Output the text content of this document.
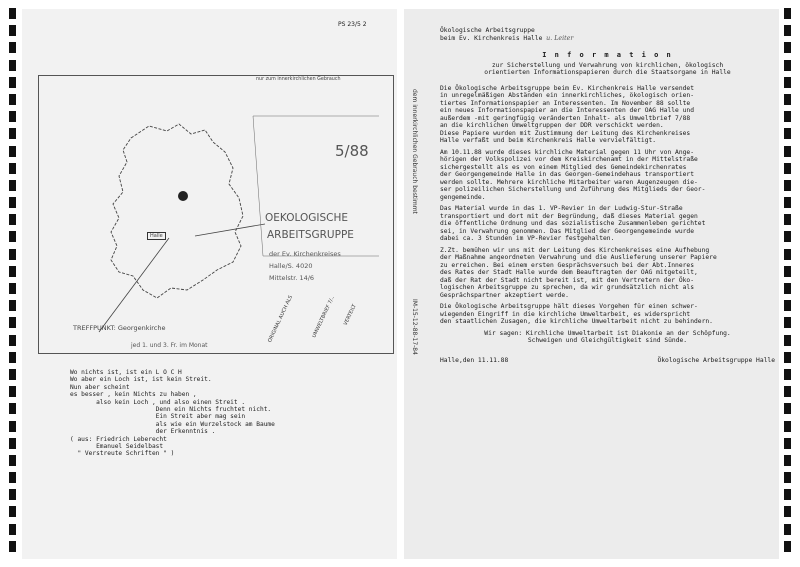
PS 23/5 2
nur zum innerkirchlichen Gebrauch
5/88
Halle
OEKOLOGISCHE
ARBEITSGRUPPE
der Ev. Kirchenkreises
Halle/S. 4020
Mittelstr. 14/6
TREFFPUNKT: Georgenkirche
jed 1. und 3. Fr. im Monat
ORIGINAL AUCH ALS	UMWELTBRIEF 7/.. VERTEILT
Wo nichts ist, ist ein L O C H
Wo aber ein Loch ist, ist kein Streit.
Nun aber scheint
es besser , kein Nichts zu haben ,
also kein Loch , und also einen Streit .
Denn ein Nichts fruchtet nicht.
Ein Streit aber mag sein
als wie ein Wurzelstock am Baume
der Erkenntnis .
( aus: Friedrich Leberecht
Emanuel Seidelbast
" Verstreute Schriften " )
dem innerkirchlichen Gebrauch bestimmt
IM-15-12-88-17-84
Ökologische Arbeitsgruppe
beim Ev. Kirchenkreis Halle u. Leiter
I n f o r m a t i o n
zur Sicherstellung und Verwahrung von kirchlichen, ökologisch
orientierten Informationspapieren durch die Staatsorgane in Halle

Die Ökologische Arbeitsgruppe beim Ev. Kirchenkreis Halle versendet
in unregelmäßigen Abständen ein innerkirchliches, ökologisch orien-
tiertes Informationspapier an Interessenten. Im November 88 sollte
ein neues Informationspapier an die Interessenten der OAG Halle und
außerdem -mit geringfügig veränderten Inhalt- als Umweltbrief 7/88
an die kirchlichen Umweltgruppen der DDR verschickt werden.
Diese Papiere wurden mit Zustimmung der Leitung des Kirchenkreises
Halle verfaßt und beim Kirchenkreis Halle vervielfältigt.

Am 10.11.88 wurde dieses kirchliche Material gegen 11 Uhr von Ange-
hörigen der Volkspolizei vor dem Kreiskirchenamt in der Mittelstraße
sichergestellt als es von einem Mitglied des Gemeindekirchenrates
der Georgengemeinde Halle in das Georgen-Gemeindehaus transportiert
werden sollte. Mehrere kirchliche Mitarbeiter waren Augenzeugen die-
ser polizeilichen Sicherstellung und Zuführung des Mitglieds der Geor-
gengemeinde.

Das Material wurde in das 1. VP-Revier in der Ludwig-Stur-Straße
transportiert und dort mit der Begründung, daß dieses Material gegen
die öffentliche Ordnung und das sozialistische Zusammenleben gerichtet
sei, in Verwahrung genommen. Das Mitglied der Georgengemeinde wurde
dabei ca. 3 Stunden im VP-Revier festgehalten.

Z.Zt. bemühen wir uns mit der Leitung des Kirchenkreises eine Aufhebung
der Maßnahme angeordneten Verwahrung und die Auslieferung unserer Papiere
zu erreichen. Bei einem ersten Gesprächsversuch bei der Abt.Inneres
des Rates der Stadt Halle wurde dem Beauftragten der OAG mitgeteilt,
daß der Rat der Stadt nicht bereit ist, mit den Vertretern der Öko-
logischen Arbeitsgruppe zu sprechen, da wir grundsätzlich nicht als
Gesprächspartner akzeptiert werde.

Die Ökologische Arbeitsgruppe hält dieses Vorgehen für einen schwer-
wiegenden Eingriff in die kirchliche Umweltarbeit, es widerspricht
den staatlichen Zusagen, die kirchliche Umweltarbeit nicht zu behindern.

Wir sagen: Kirchliche Umweltarbeit ist Diakonie an der Schöpfung.
Schweigen und Gleichgültigkeit sind Sünde.
Halle,den 11.11.88	Ökologische Arbeitsgruppe Halle
